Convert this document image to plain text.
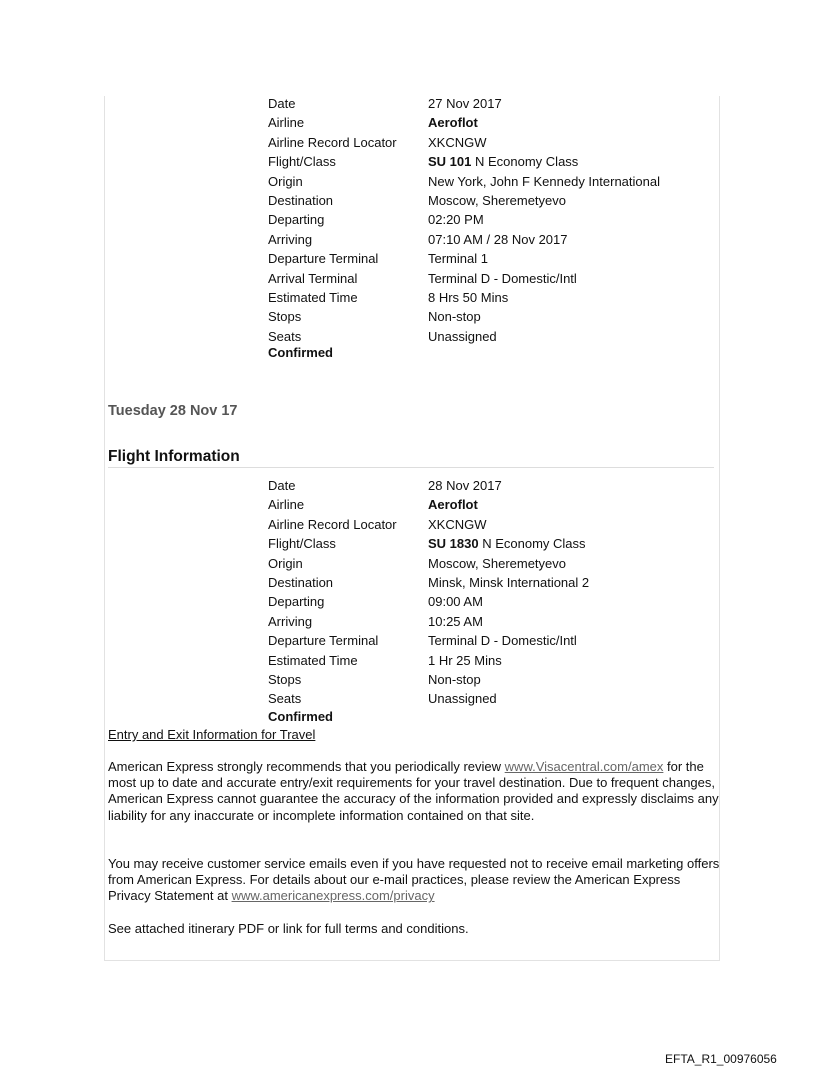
Date	27 Nov 2017
Airline	Aeroflot
Airline Record Locator	XKCNGW
Flight/Class	SU 101 N Economy Class
Origin	New York, John F Kennedy International
Destination	Moscow, Sheremetyevo
Departing	02:20 PM
Arriving	07:10 AM / 28 Nov 2017
Departure Terminal	Terminal 1
Arrival Terminal	Terminal D - Domestic/Intl
Estimated Time	8 Hrs 50 Mins
Stops	Non-stop
Seats	Unassigned
Confirmed
Tuesday 28 Nov 17
Flight Information
Date	28 Nov 2017
Airline	Aeroflot
Airline Record Locator	XKCNGW
Flight/Class	SU 1830 N Economy Class
Origin	Moscow, Sheremetyevo
Destination	Minsk, Minsk International 2
Departing	09:00 AM
Arriving	10:25 AM
Departure Terminal	Terminal D - Domestic/Intl
Estimated Time	1 Hr 25 Mins
Stops	Non-stop
Seats	Unassigned
Confirmed
Entry and Exit Information for Travel
American Express strongly recommends that you periodically review www.Visacentral.com/amex for the most up to date and accurate entry/exit requirements for your travel destination. Due to frequent changes, American Express cannot guarantee the accuracy of the information provided and expressly disclaims any liability for any inaccurate or incomplete information contained on that site.
You may receive customer service emails even if you have requested not to receive email marketing offers from American Express. For details about our e-mail practices, please review the American Express Privacy Statement at www.americanexpress.com/privacy
See attached itinerary PDF or link for full terms and conditions.
EFTA_R1_00976056
